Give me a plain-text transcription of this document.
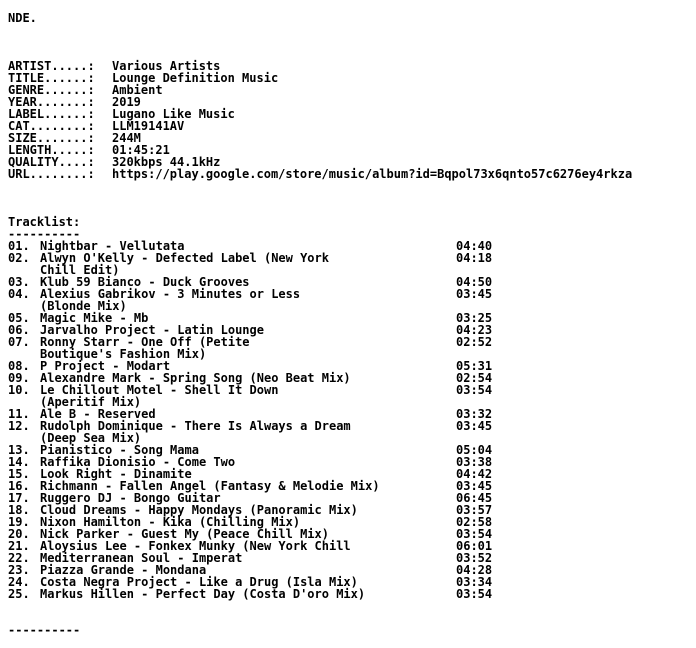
NDE.
ARTIST.....:	Various Artists
TITLE......:	Lounge Definition Music
GENRE......:	Ambient
YEAR.......:	2019
LABEL......:	Lugano Like Music
CAT........:	LLM19141AV
SIZE.......:	244M
LENGTH.....:	01:45:21
QUALITY....:	320kbps 44.1kHz
URL........:	https://play.google.com/store/music/album?id=Bqpol73x6qnto57c6276ey4rkza
Tracklist:
----------
01. Nightbar - Vellutata	04:40
02. Alwyn O'Kelly - Defected Label (New York
Chill Edit)
04:18
03. Klub 59 Bianco - Duck Grooves	04:50
04. Alexius Gabrikov - 3 Minutes or Less
(Blonde Mix)
03:45
05. Magic Mike - Mb	03:25
06. Jarvalho Project - Latin Lounge	04:23
07. Ronny Starr - One Off (Petite
Boutique's Fashion Mix)
02:52
08. P Project - Modart	05:31
09. Alexandre Mark - Spring Song (Neo Beat Mix)	02:54
10. Le Chillout Motel - Shell It Down
(Aperitif Mix)
03:54
11. Ale B - Reserved	03:32
12. Rudolph Dominique - There Is Always a Dream
(Deep Sea Mix)
03:45
13. Pianistico - Song Mama	05:04
14. Raffika Dionisio - Come Two	03:38
15. Look Right - Dinamite	04:42
16. Richmann - Fallen Angel (Fantasy & Melodie Mix)	03:45
17. Ruggero DJ - Bongo Guitar	06:45
18. Cloud Dreams - Happy Mondays (Panoramic Mix)	03:57
19. Nixon Hamilton - Kika (Chilling Mix)	02:58
20. Nick Parker - Guest My (Peace Chill Mix)	03:54
21. Aloysius Lee - Fonkex Munky (New York Chill	06:01
22. Mediterranean Soul - Imperat	03:52
23. Piazza Grande - Mondana	04:28
24. Costa Negra Project - Like a Drug (Isla Mix)	03:34
25. Markus Hillen - Perfect Day (Costa D'oro Mix)	03:54
----------
